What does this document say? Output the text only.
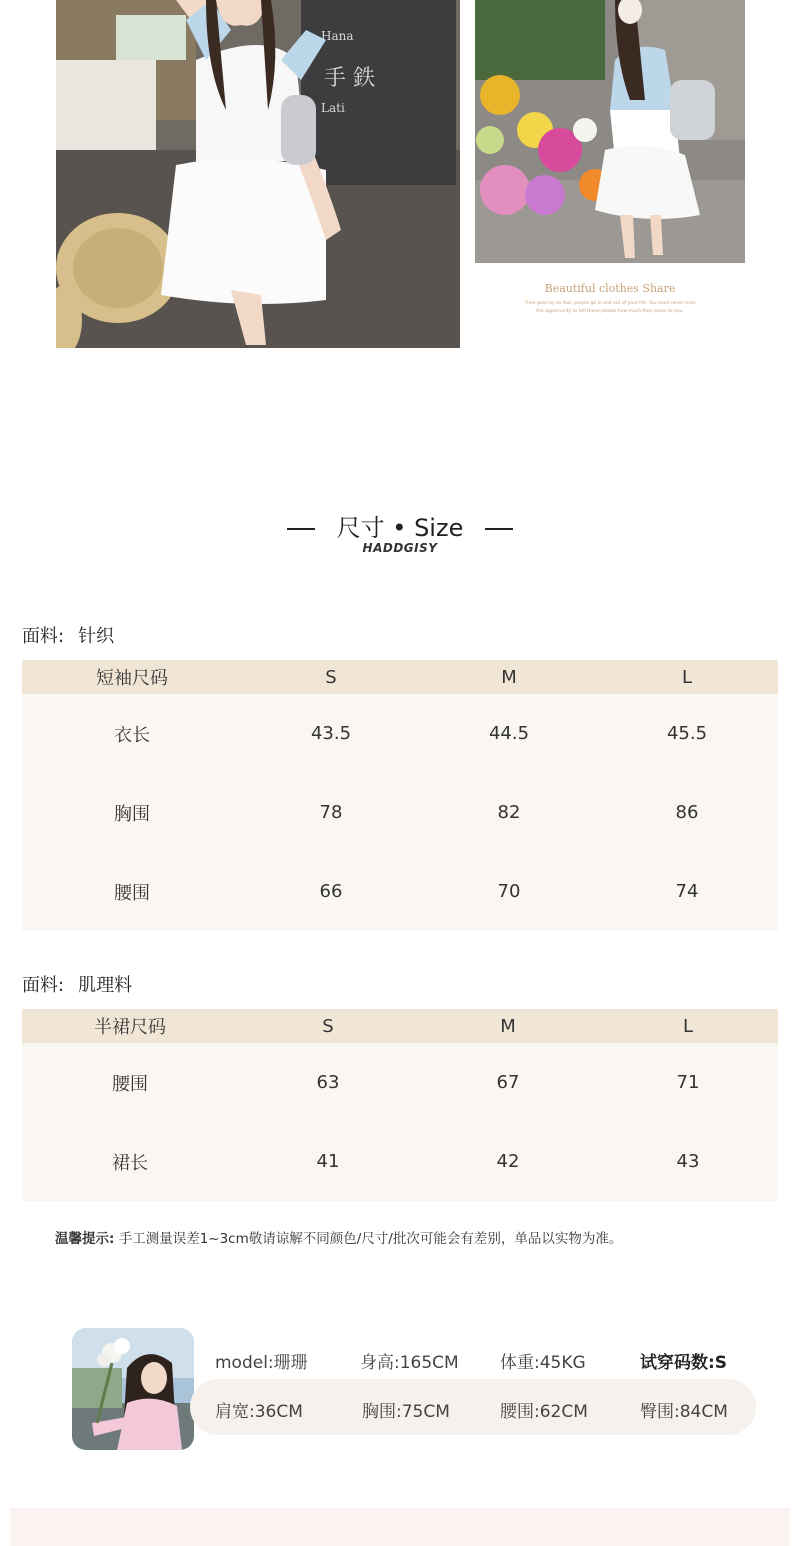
Hana
手 鉄
Lati
Beautiful clothes Share
Time goes by so fast, people go in and out of your life. You must never miss
the opportunity to tell those people how much they mean to you.
尺寸 • Size
HADDGISY
面料: 针织
短袖尺码	S	M	L
衣长	43.5	44.5	45.5
胸围	78	82	86
腰围	66	70	74
面料: 肌理料
半裙尺码	S	M	L
腰围	63	67	71
裙长	41	42	43
温馨提示: 手工测量误差1~3cm敬请谅解不同颜色/尺寸/批次可能会有差别，单品以实物为准。
model:珊珊	身高:165CM 体重:45KG	试穿码数:S
肩宽:36CM	胸围:75CM	腰围:62CM	臀围:84CM
